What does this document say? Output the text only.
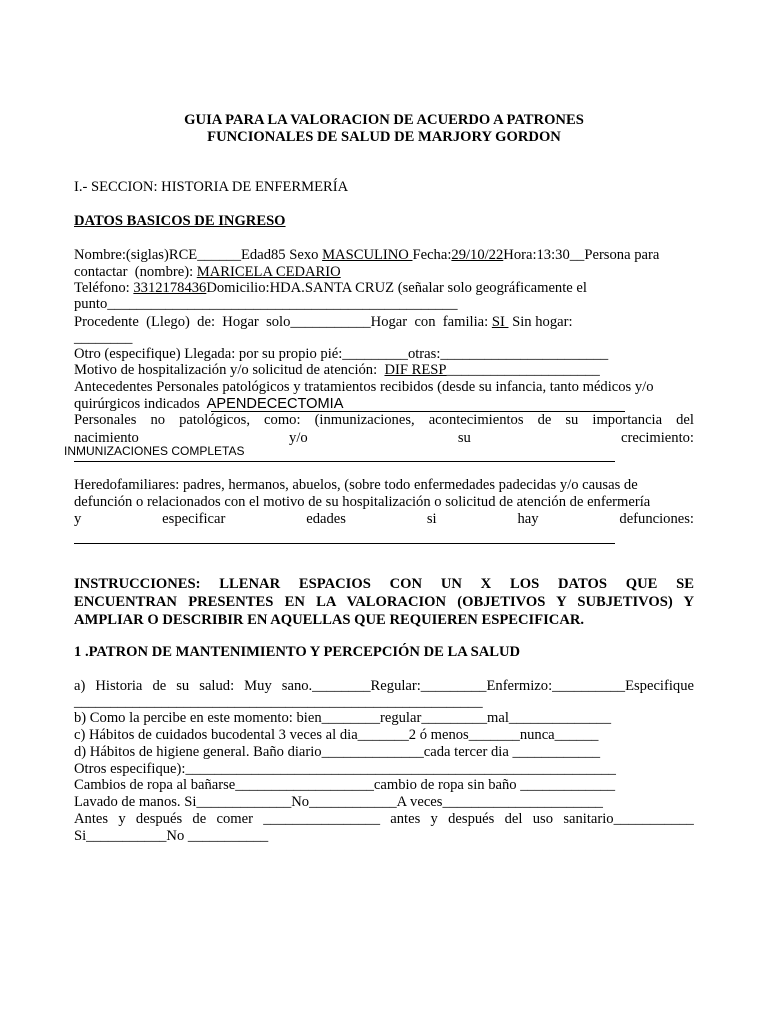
GUIA PARA LA VALORACION DE ACUERDO A PATRONES
FUNCIONALES DE SALUD DE MARJORY GORDON
I.- SECCION: HISTORIA DE ENFERMERÍA
DATOS BASICOS DE INGRESO
Nombre:(siglas)RCE______Edad85 Sexo MASCULINO Fecha:29/10/22Hora:13:30__Persona para
contactar  (nombre): MARICELA CEDARIO
Teléfono: 3312178436Domicilio:HDA.SANTA CRUZ (señalar solo geográficamente el
punto________________________________________________
Procedente  (Llego)  de:  Hogar  solo___________Hogar  con  familia: SI  Sin hogar:
________
Otro (especifique) Llegada: por su propio pié:_________otras:_______________________
Motivo de hospitalización y/o solicitud de atención:  DIF RESP_____________________
Antecedentes Personales patológicos y tratamientos recibidos (desde su infancia, tanto médicos y/o
quirúrgicos indicados  APENDECECTOMIA
Personales no patológicos, como: (inmunizaciones, acontecimientos de su importancia del
nacimiento	y/o	su	crecimiento:
INMUNIZACIONES COMPLETAS
Heredofamiliares: padres, hermanos, abuelos, (sobre todo enfermedades padecidas y/o causas de
defunción o relacionados con el motivo de su hospitalización o solicitud de atención de enfermería
y	especificar	edades	si	hay	defunciones:
INSTRUCCIONES: LLENAR ESPACIOS CON UN X LOS DATOS QUE SE
ENCUENTRAN PRESENTES EN LA VALORACION (OBJETIVOS Y SUBJETIVOS) Y
AMPLIAR O DESCRIBIR EN AQUELLAS QUE REQUIEREN ESPECIFICAR.
1 .PATRON DE MANTENIMIENTO Y PERCEPCIÓN DE LA SALUD
a) Historia de su salud: Muy sano.________Regular:_________Enfermizo:__________Especifique
________________________________________________________
b) Como la percibe en este momento: bien________regular_________mal______________
c) Hábitos de cuidados bucodental 3 veces al dia_______2 ó menos_______nunca______
d) Hábitos de higiene general. Baño diario______________cada tercer dia ____________
Otros especifique):___________________________________________________________
Cambios de ropa al bañarse___________________cambio de ropa sin baño _____________
Lavado de manos. Si_____________No____________A veces______________________
Antes y después de comer ________________ antes y después del uso sanitario___________
Si___________No ___________
